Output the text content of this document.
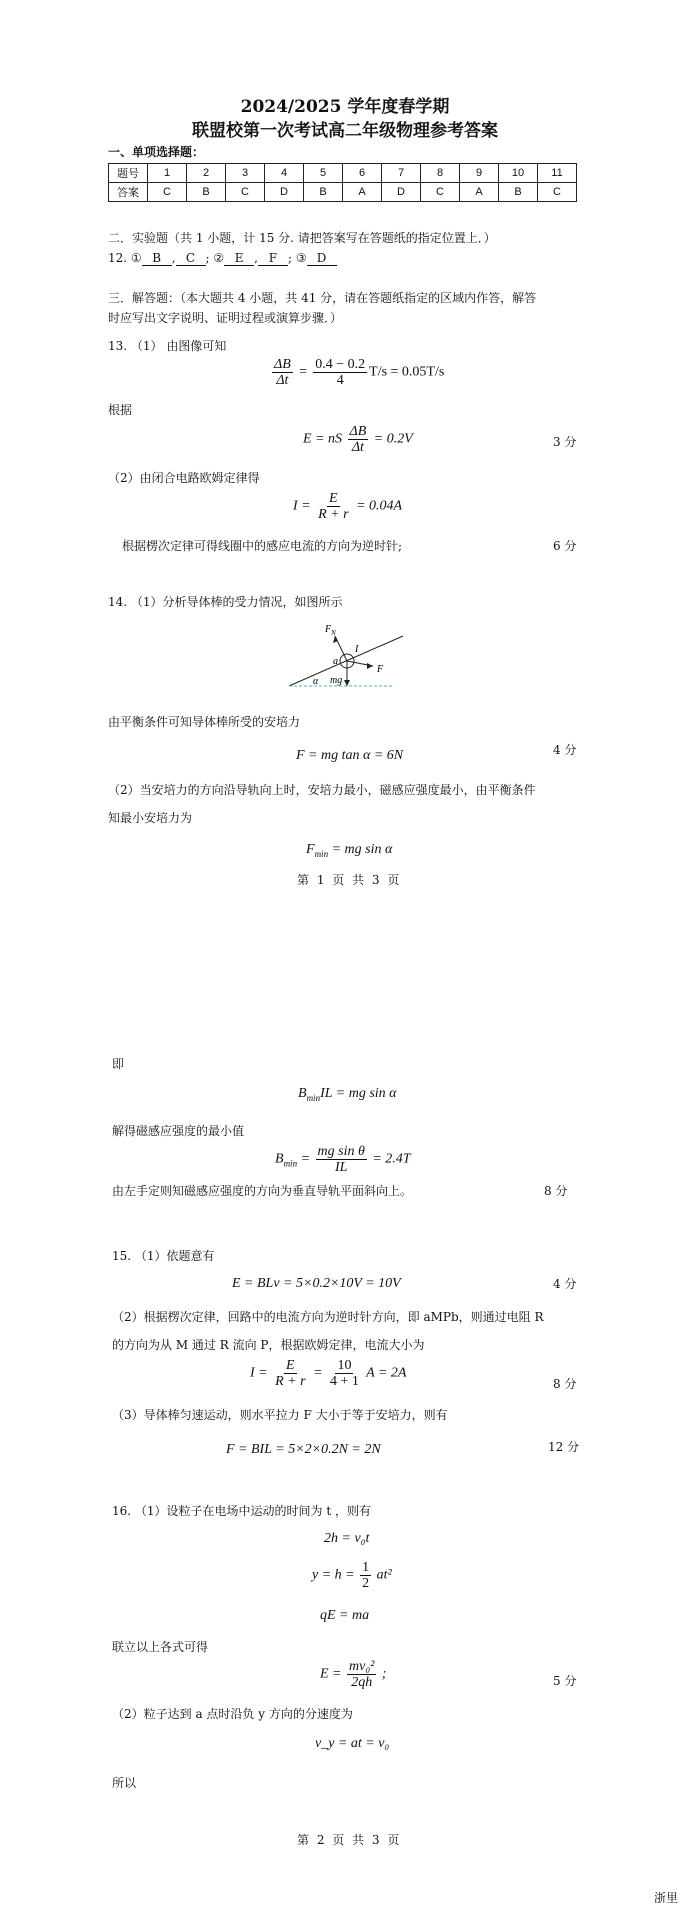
2024/2025 学年度春学期
联盟校第一次考试高二年级物理参考答案
一、单项选择题：
题号	1	2	3	4	5	6	7	8	9	10	11
答案	C	B	C	D	B	A	D	C	A	B	C
二．实验题（共 1 小题，计 15 分. 请把答案写在答题纸的指定位置上．）
12. ① B , C ; ② E , F ; ③ D
三．解答题：（本大题共 4 小题，共 41 分，请在答题纸指定的区域内作答，解答
时应写出文字说明、证明过程或演算步骤．）
13. （1） 由图像可知
$\frac{\Delta B}{\Delta t} = \frac{0.4 - 0.2}{4} T/s = 0.05T/s$
根据
E = nS $\frac{\Delta B}{\Delta t} = 0.2V$	3 分
（2）由闭合电路欧姆定律得
$I = \frac{E}{R + r} = 0.04A$
根据楞次定律可得线圈中的感应电流的方向为逆时针;	6 分
14. （1）分析导体棒的受力情况，如图所示
$F_N$
I
a
F
α mg
由平衡条件可知导体棒所受的安培力
F = mg tan α = 6N	4 分
（2）当安培力的方向沿导轨向上时，安培力最小，磁感应强度最小，由平衡条件
知最小安培力为
$F_{min}$ = mg sin α
第 1 页 共 3 页
即
$B_{min}IL$ = mg sin α
解得磁感应强度的最小值
$B_{min} = \frac{\text{mg sin θ}}{IL} = 2.4T$
由左手定则知磁感应强度的方向为垂直导轨平面斜向上。	8 分
15. （1）依题意有
E = BLv = 5×0.2×10V = 10V	4 分
（2）根据楞次定律，回路中的电流方向为逆时针方向，即 aMPb，则通过电阻 R
的方向为从 M 通过 R 流向 P，根据欧姆定律，电流大小为
$I = \frac{E}{R + r} = \frac{10}{4 + 1}$ A = 2A
8 分
（3）导体棒匀速运动，则水平拉力 F 大小于等于安培力，则有
F = BIL = 5×2×0.2N = 2N	12 分
16. （1）设粒子在电场中运动的时间为 t ，则有
2h = v₀t
$y = h = \frac{1}{2} at^2$
qE = ma
联立以上各式可得
$E = \frac{\text{mv₀²}}{2qh}$ ;	5 分
（2）粒子达到 a 点时沿负 y 方向的分速度为
v_y = at = v₀
所以
第 2 页 共 3 页
浙里
